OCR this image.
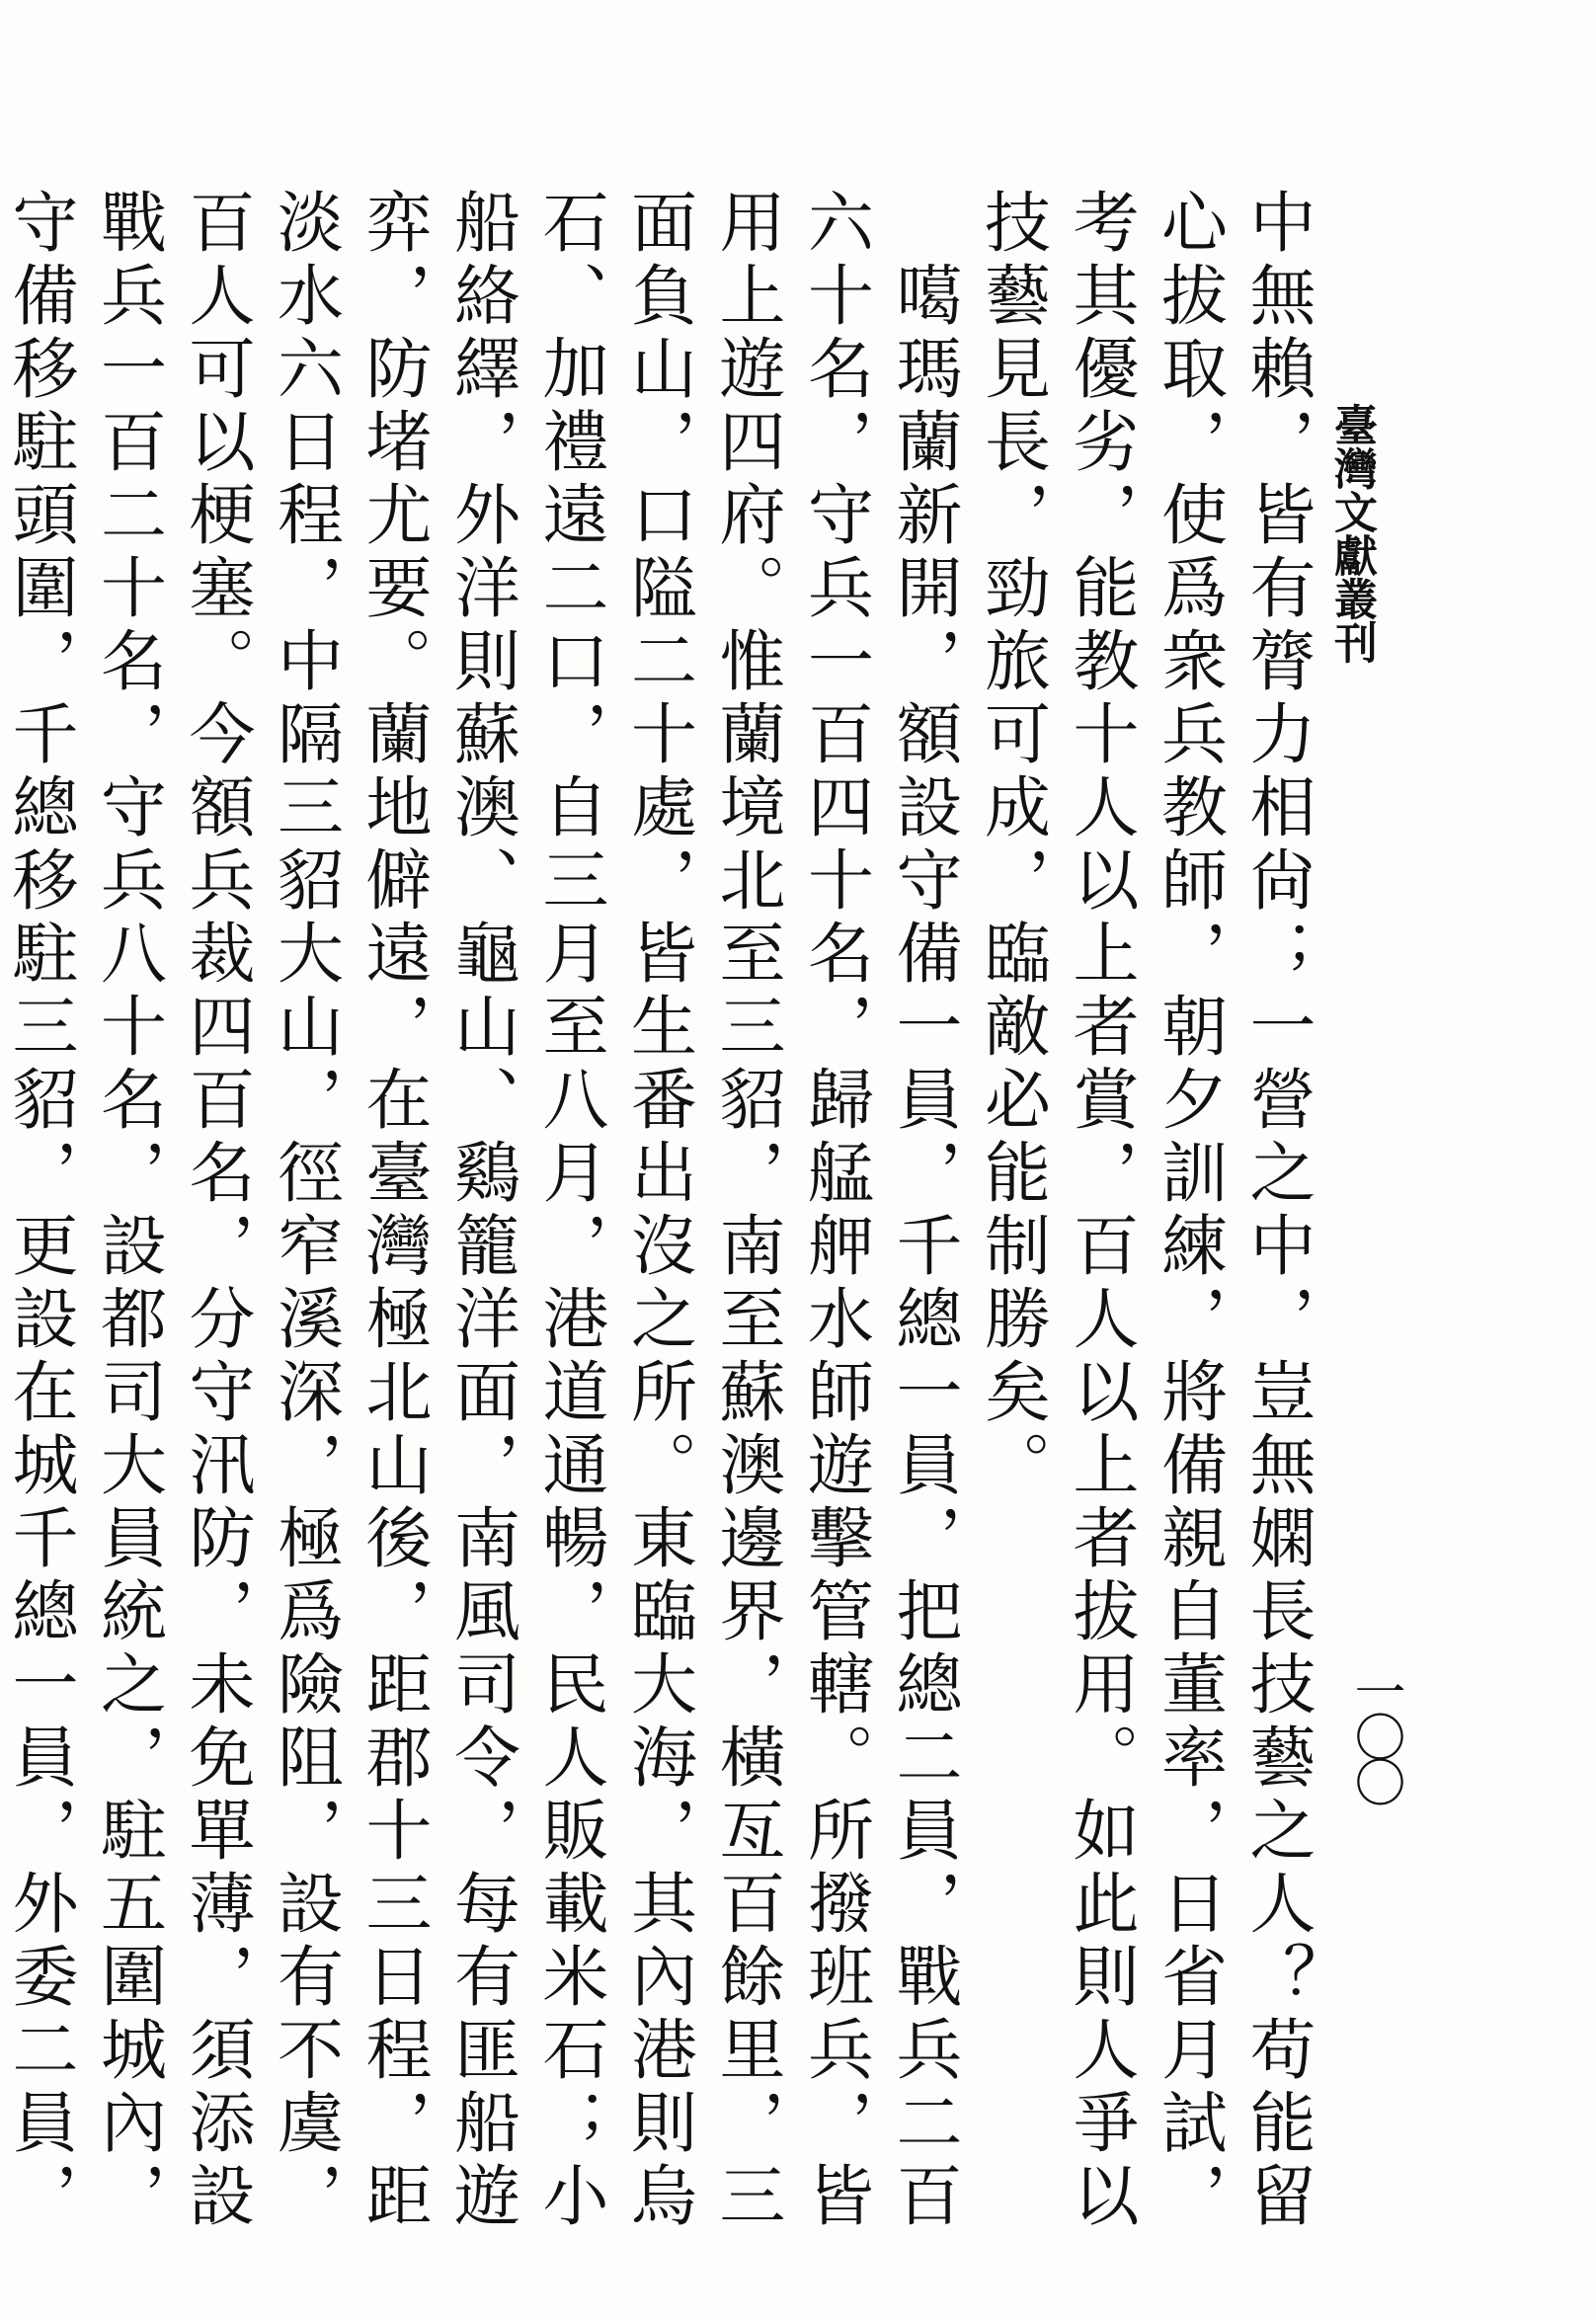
臺灣文獻叢刊
一〇〇

中無賴，皆有膂力相尙；一營之中，豈無嫻長技藝之人？苟能留心拔取，使爲衆兵教師，朝夕訓練，將備親自董率，日省月試，考其優劣，能教十人以上者賞，百人以上者拔用。如此則人爭以技藝見長，勁旅可成，臨敵必能制勝矣。

噶瑪蘭新開，額設守備一員，千總一員，把總二員，戰兵二百六十名，守兵一百四十名，歸艋舺水師遊擊管轄。所撥班兵，皆用上遊四府。惟蘭境北至三貂，南至蘇澳邊界，橫亙百餘里，三面負山，口隘二十處，皆生番出沒之所。東臨大海，其內港則烏石、加禮遠二口，自三月至八月，港道通暢，民人販載米石；小船絡繹，外洋則蘇澳、龜山、鷄籠洋面，南風司令，每有匪船遊弈，防堵尤要。蘭地僻遠，在臺灣極北山後，距郡十三日程，距淡水六日程，中隔三貂大山，徑窄溪深，極爲險阻，設有不虞，百人可以梗塞。今額兵裁四百名，分守汛防，未免單薄，須添設戰兵一百二十名，守兵八十名，設都司大員統之，駐五圍城內，守備移駐頭圍，千總移駐三貂，更設在城千總一員，外委二員，
